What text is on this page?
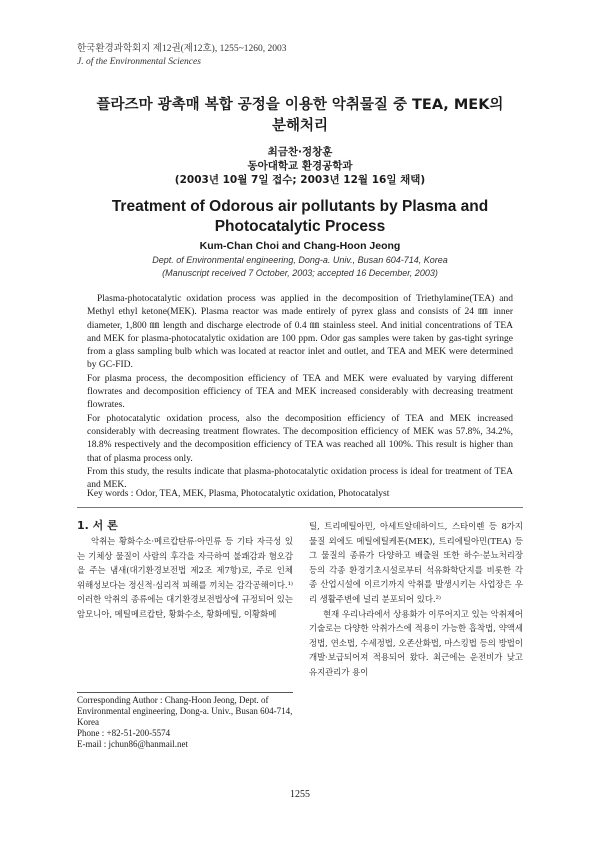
한국환경과학회지 제12권(제12호), 1255~1260, 2003
J. of the Environmental Sciences
플라즈마 광촉매 복합 공정을 이용한 악취물질 중 TEA, MEK의
분해처리
최금찬·정창훈
동아대학교 환경공학과
(2003년 10월 7일 접수; 2003년 12월 16일 채택)
Treatment of Odorous air pollutants by Plasma and
Photocatalytic Process
Kum-Chan Choi and Chang-Hoon Jeong
Dept. of Environmental engineering, Dong-a. Univ., Busan 604-714, Korea
(Manuscript received 7 October, 2003; accepted 16 December, 2003)

Plasma-photocatalytic oxidation process was applied in the decomposition of Triethylamine(TEA) and Methyl ethyl ketone(MEK). Plasma reactor was made entirely of pyrex glass and consists of 24 ㎜ inner diameter, 1,800 ㎜ length and discharge electrode of 0.4 ㎜ stainless steel. And initial concentrations of TEA and MEK for plasma-photocatalytic oxidation are 100 ppm. Odor gas samples were taken by gas-tight syringe from a glass sampling bulb which was located at reactor inlet and outlet, and TEA and MEK were determined by GC-FID.

For plasma process, the decomposition efficiency of TEA and MEK were evaluated by varying different flowrates and decomposition efficiency of TEA and MEK increased considerably with decreasing treatment flowrates.

For photocatalytic oxidation process, also the decomposition efficiency of TEA and MEK increased considerably with decreasing treatment flowrates. The decomposition efficiency of MEK was 57.8%, 34.2%, 18.8% respectively and the decomposition efficiency of TEA was reached all 100%. This result is higher than that of plasma process only.

From this study, the results indicate that plasma-photocatalytic oxidation process is ideal for treatment of TEA and MEK.

Key words : Odor, TEA, MEK, Plasma, Photocatalytic oxidation, Photocatalyst
1. 서 론

악취는 황화수소·메르캅탄류·아민류 등 기타 자극성 있는 기체상 물질이 사람의 후각을 자극하여 불쾌감과 혐오감을 주는 냄새(대기환경보전법 제2조 제7항)로, 주로 인체 위해성보다는 정신적·심리적 피해를 끼치는 감각공해이다.¹⁾ 이러한 악취의 종류에는 대기환경보전법상에 규정되어 있는 암모니아, 메틸메르캅탄, 황화수소, 황화메틸, 이황화메

틸, 트리메틸아민, 아세트알데하이드, 스타이렌 등 8가지 물질 외에도 메틸에틸케톤(MEK), 트리에틸아민(TEA) 등 그 물질의 종류가 다양하고 배출원 또한 하수·분뇨처리장 등의 각종 환경기초시설로부터 석유화학단지를 비롯한 각종 산업시설에 이르기까지 악취를 발생시키는 사업장은 우리 생활주변에 널리 분포되어 있다.²⁾

현재 우리나라에서 상용화가 이루어지고 있는 악취제어기술로는 다양한 악취가스에 적용이 가능한 흡착법, 약액세정법, 연소법, 수세정법, 오존산화법, 마스킹법 등의 방법이 개발·보급되어져 적용되어 왔다. 최근에는 운전비가 낮고 유지관리가 용이

Corresponding Author : Chang-Hoon Jeong, Dept. of Environmental engineering, Dong-a. Univ., Busan 604-714, Korea
Phone : +82-51-200-5574
E-mail : jchun86@hanmail.net
1255
